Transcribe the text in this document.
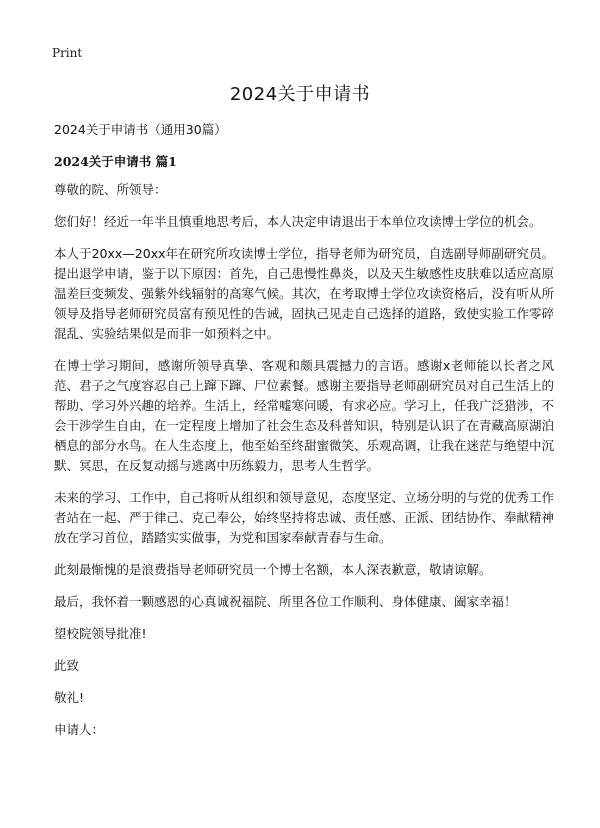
Print
2024关于申请书

2024关于申请书（通用30篇）

2024关于申请书 篇1

尊敬的院、所领导：

您们好！经近一年半且慎重地思考后，本人决定申请退出于本单位攻读博士学位的机会。

本人于20xx—20xx年在研究所攻读博士学位，指导老师为研究员，自选副导师副研究员。提出退学申请，鉴于以下原因：首先，自己患慢性鼻炎，以及天生敏感性皮肤难以适应高原温差巨变频发、强紫外线辐射的高寒气候。其次，在考取博士学位攻读资格后，没有听从所领导及指导老师研究员富有预见性的告诫，固执己见走自己选择的道路，致使实验工作零碎混乱、实验结果似是而非一如预料之中。

在博士学习期间，感谢所领导真挚、客观和颇具震撼力的言语。感谢x老师能以长者之风范、君子之气度容忍自己上蹿下蹿、尸位素餐。感谢主要指导老师副研究员对自己生活上的帮助、学习外兴趣的培养。生活上，经常嘘寒问暖，有求必应。学习上，任我广泛猎涉，不会干涉学生自由，在一定程度上增加了社会生态及科普知识，特别是认识了在青藏高原湖泊栖息的部分水鸟。在人生态度上，他至始至终甜蜜微笑、乐观高调，让我在迷茫与绝望中沉默、冥思，在反复动摇与逃离中历练毅力，思考人生哲学。

未来的学习、工作中，自己将听从组织和领导意见，态度坚定、立场分明的与党的优秀工作者站在一起、严于律己、克己奉公，始终坚持将忠诚、责任感、正派、团结协作、奉献精神放在学习首位，踏踏实实做事，为党和国家奉献青春与生命。

此刻最惭愧的是浪费指导老师研究员一个博士名额，本人深表歉意，敬请谅解。

最后，我怀着一颗感恩的心真诚祝福院、所里各位工作顺利、身体健康、阖家幸福！

望校院领导批准!

此致

敬礼!

申请人：
